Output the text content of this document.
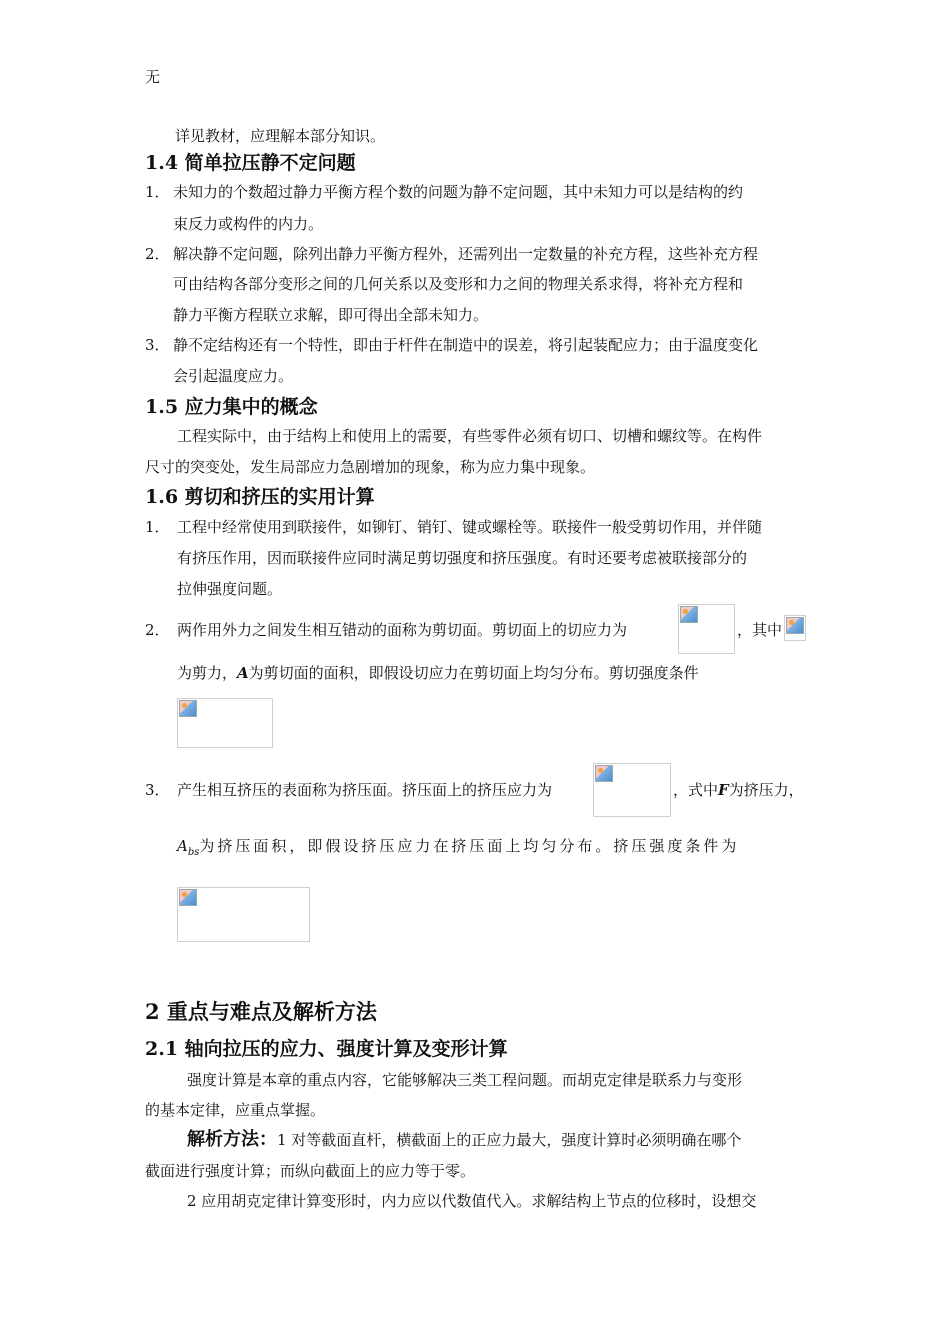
无
详见教材，应理解本部分知识。
1.4 简单拉压静不定问题
1． 未知力的个数超过静力平衡方程个数的问题为静不定问题，其中未知力可以是结构的约
束反力或构件的内力。
2． 解决静不定问题，除列出静力平衡方程外，还需列出一定数量的补充方程，这些补充方程
可由结构各部分变形之间的几何关系以及变形和力之间的物理关系求得，将补充方程和
静力平衡方程联立求解，即可得出全部未知力。
3． 静不定结构还有一个特性，即由于杆件在制造中的误差，将引起装配应力；由于温度变化
会引起温度应力。
1.5 应力集中的概念
工程实际中，由于结构上和使用上的需要，有些零件必须有切口、切槽和螺纹等。在构件
尺寸的突变处，发生局部应力急剧增加的现象，称为应力集中现象。
1.6 剪切和挤压的实用计算
1． 工程中经常使用到联接件，如铆钉、销钉、键或螺栓等。联接件一般受剪切作用，并伴随
有挤压作用，因而联接件应同时满足剪切强度和挤压强度。有时还要考虑被联接部分的
拉伸强度问题。
2． 两作用外力之间发生相互错动的面称为剪切面。剪切面上的切应力为	，其中
为剪力，A为剪切面的面积，即假设切应力在剪切面上均匀分布。剪切强度条件
3． 产生相互挤压的表面称为挤压面。挤压面上的挤压应力为	，式中F为挤压力，
$A_{bs}$为挤压面积，即假设挤压应力在挤压面上均匀分布。挤压强度条件为
2 重点与难点及解析方法
2.1 轴向拉压的应力、强度计算及变形计算
强度计算是本章的重点内容，它能够解决三类工程问题。而胡克定律是联系力与变形
的基本定律，应重点掌握。
解析方法：1 对等截面直杆，横截面上的正应力最大，强度计算时必须明确在哪个
截面进行强度计算；而纵向截面上的应力等于零。
2 应用胡克定律计算变形时，内力应以代数值代入。求解结构上节点的位移时，设想交
